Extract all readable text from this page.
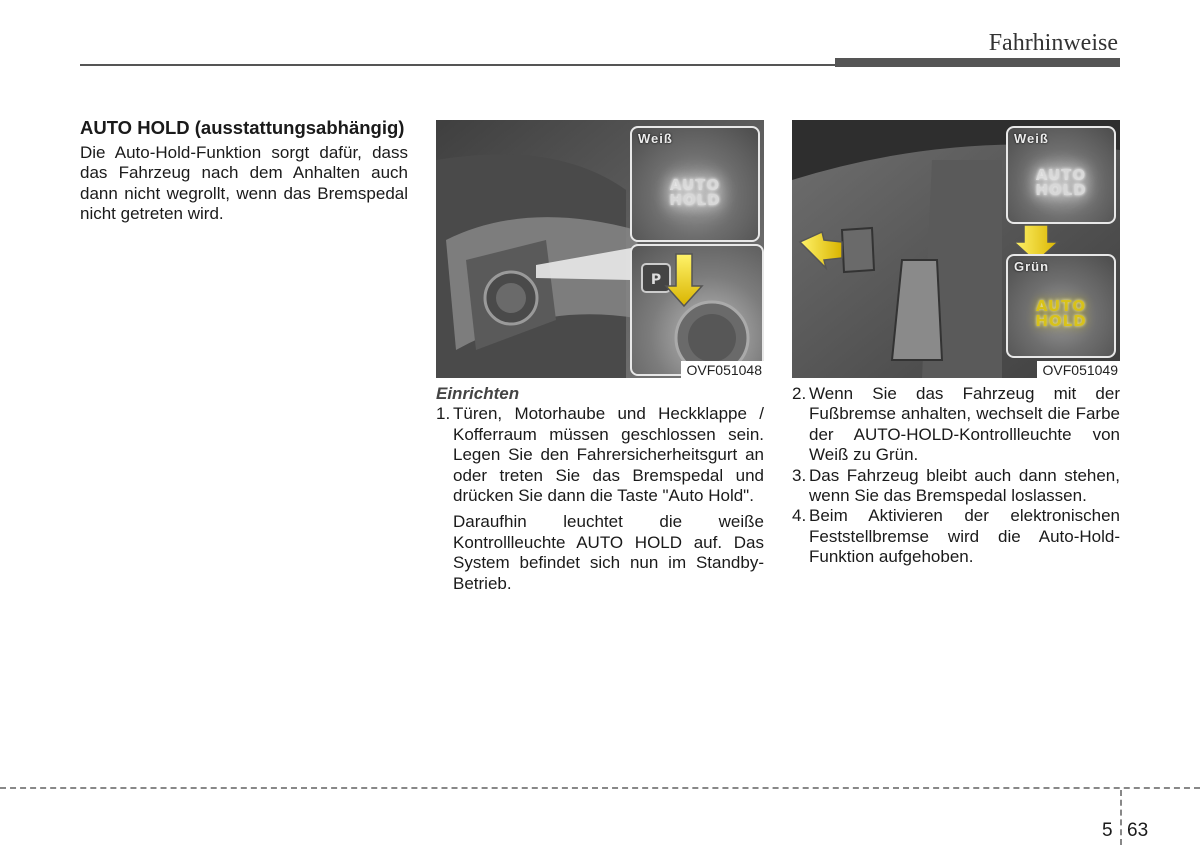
Fahrhinweise
AUTO HOLD (ausstattungsabhängig)

Die Auto-Hold-Funktion sorgt dafür, dass das Fahrzeug nach dem Anhalten auch dann nicht wegrollt, wenn das Bremspedal nicht getreten wird.

Weiß
AUTO
HOLD
P
OVF051048
Weiß
AUTO
HOLD
Grün
AUTO
HOLD
OVF051049

Einrichten

1. Türen, Motorhaube und Heckklappe / Kofferraum müssen geschlossen sein. Legen Sie den Fahrersicherheitsgurt an oder treten Sie das Bremspedal und drücken Sie dann die Taste "Auto Hold".

Daraufhin leuchtet die weiße Kontrollleuchte AUTO HOLD auf. Das System befindet sich nun im Standby-Betrieb.

2. Wenn Sie das Fahrzeug mit der Fußbremse anhalten, wechselt die Farbe der AUTO-HOLD-Kontrollleuchte von Weiß zu Grün.

3. Das Fahrzeug bleibt auch dann stehen, wenn Sie das Bremspedal loslassen.

4. Beim Aktivieren der elektronischen Feststellbremse wird die Auto-Hold-Funktion aufgehoben.

5 63
